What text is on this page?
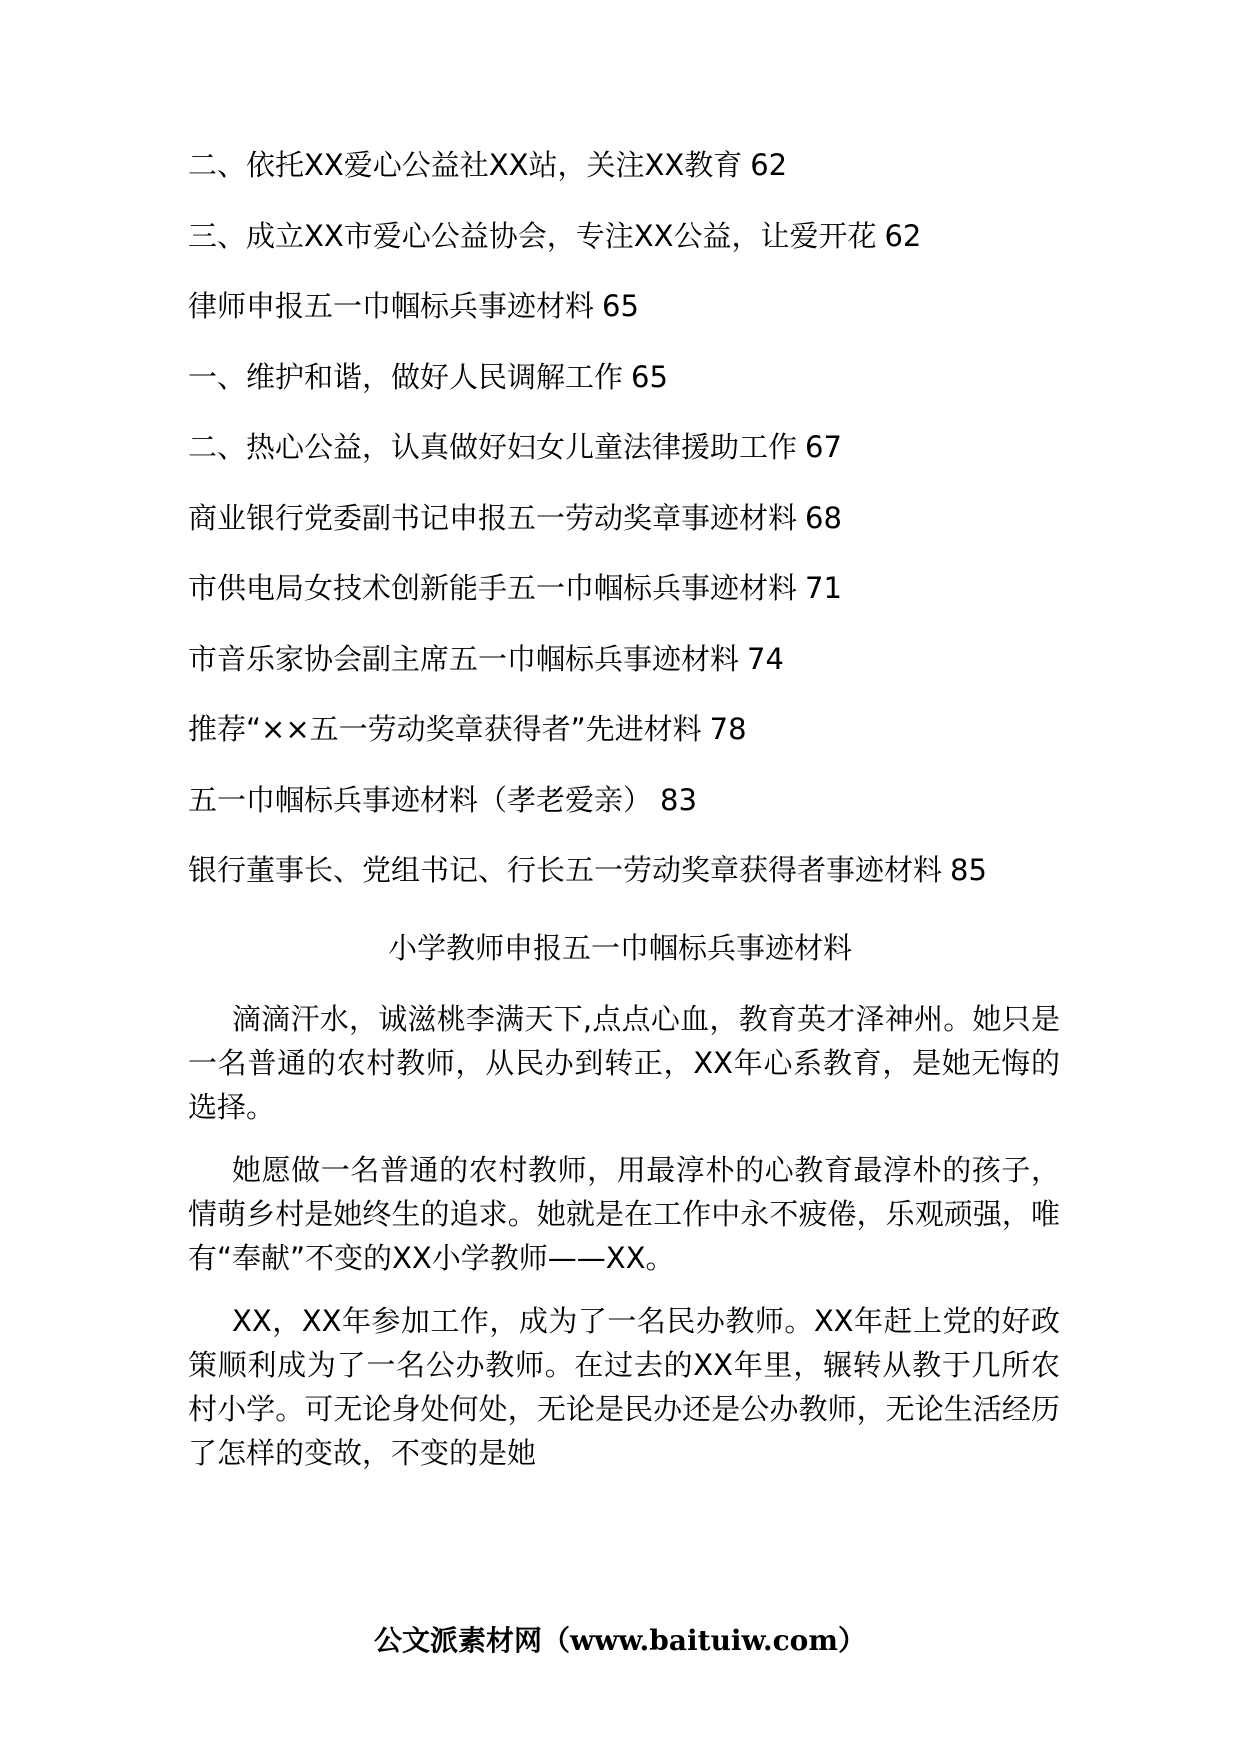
二、依托XX爱心公益社XX站，关注XX教育 62
三、成立XX市爱心公益协会，专注XX公益，让爱开花 62
律师申报五一巾帼标兵事迹材料 65
一、维护和谐，做好人民调解工作 65
二、热心公益，认真做好妇女儿童法律援助工作 67
商业银行党委副书记申报五一劳动奖章事迹材料 68
市供电局女技术创新能手五一巾帼标兵事迹材料 71
市音乐家协会副主席五一巾帼标兵事迹材料 74
推荐“××五一劳动奖章获得者”先进材料 78
五一巾帼标兵事迹材料（孝老爱亲） 83
银行董事长、党组书记、行长五一劳动奖章获得者事迹材料 85
小学教师申报五一巾帼标兵事迹材料

滴滴汗水，诚滋桃李满天下,点点心血，教育英才泽神州。她只是一名普通的农村教师，从民办到转正，XX年心系教育，是她无悔的选择。

她愿做一名普通的农村教师，用最淳朴的心教育最淳朴的孩子，情萌乡村是她终生的追求。她就是在工作中永不疲倦，乐观顽强，唯有“奉献”不变的XX小学教师——XX。

XX，XX年参加工作，成为了一名民办教师。XX年赶上党的好政策顺利成为了一名公办教师。在过去的XX年里，辗转从教于几所农村小学。可无论身处何处，无论是民办还是公办教师，无论生活经历了怎样的变故，不变的是她

公文派素材网（www.baituiw.com）
